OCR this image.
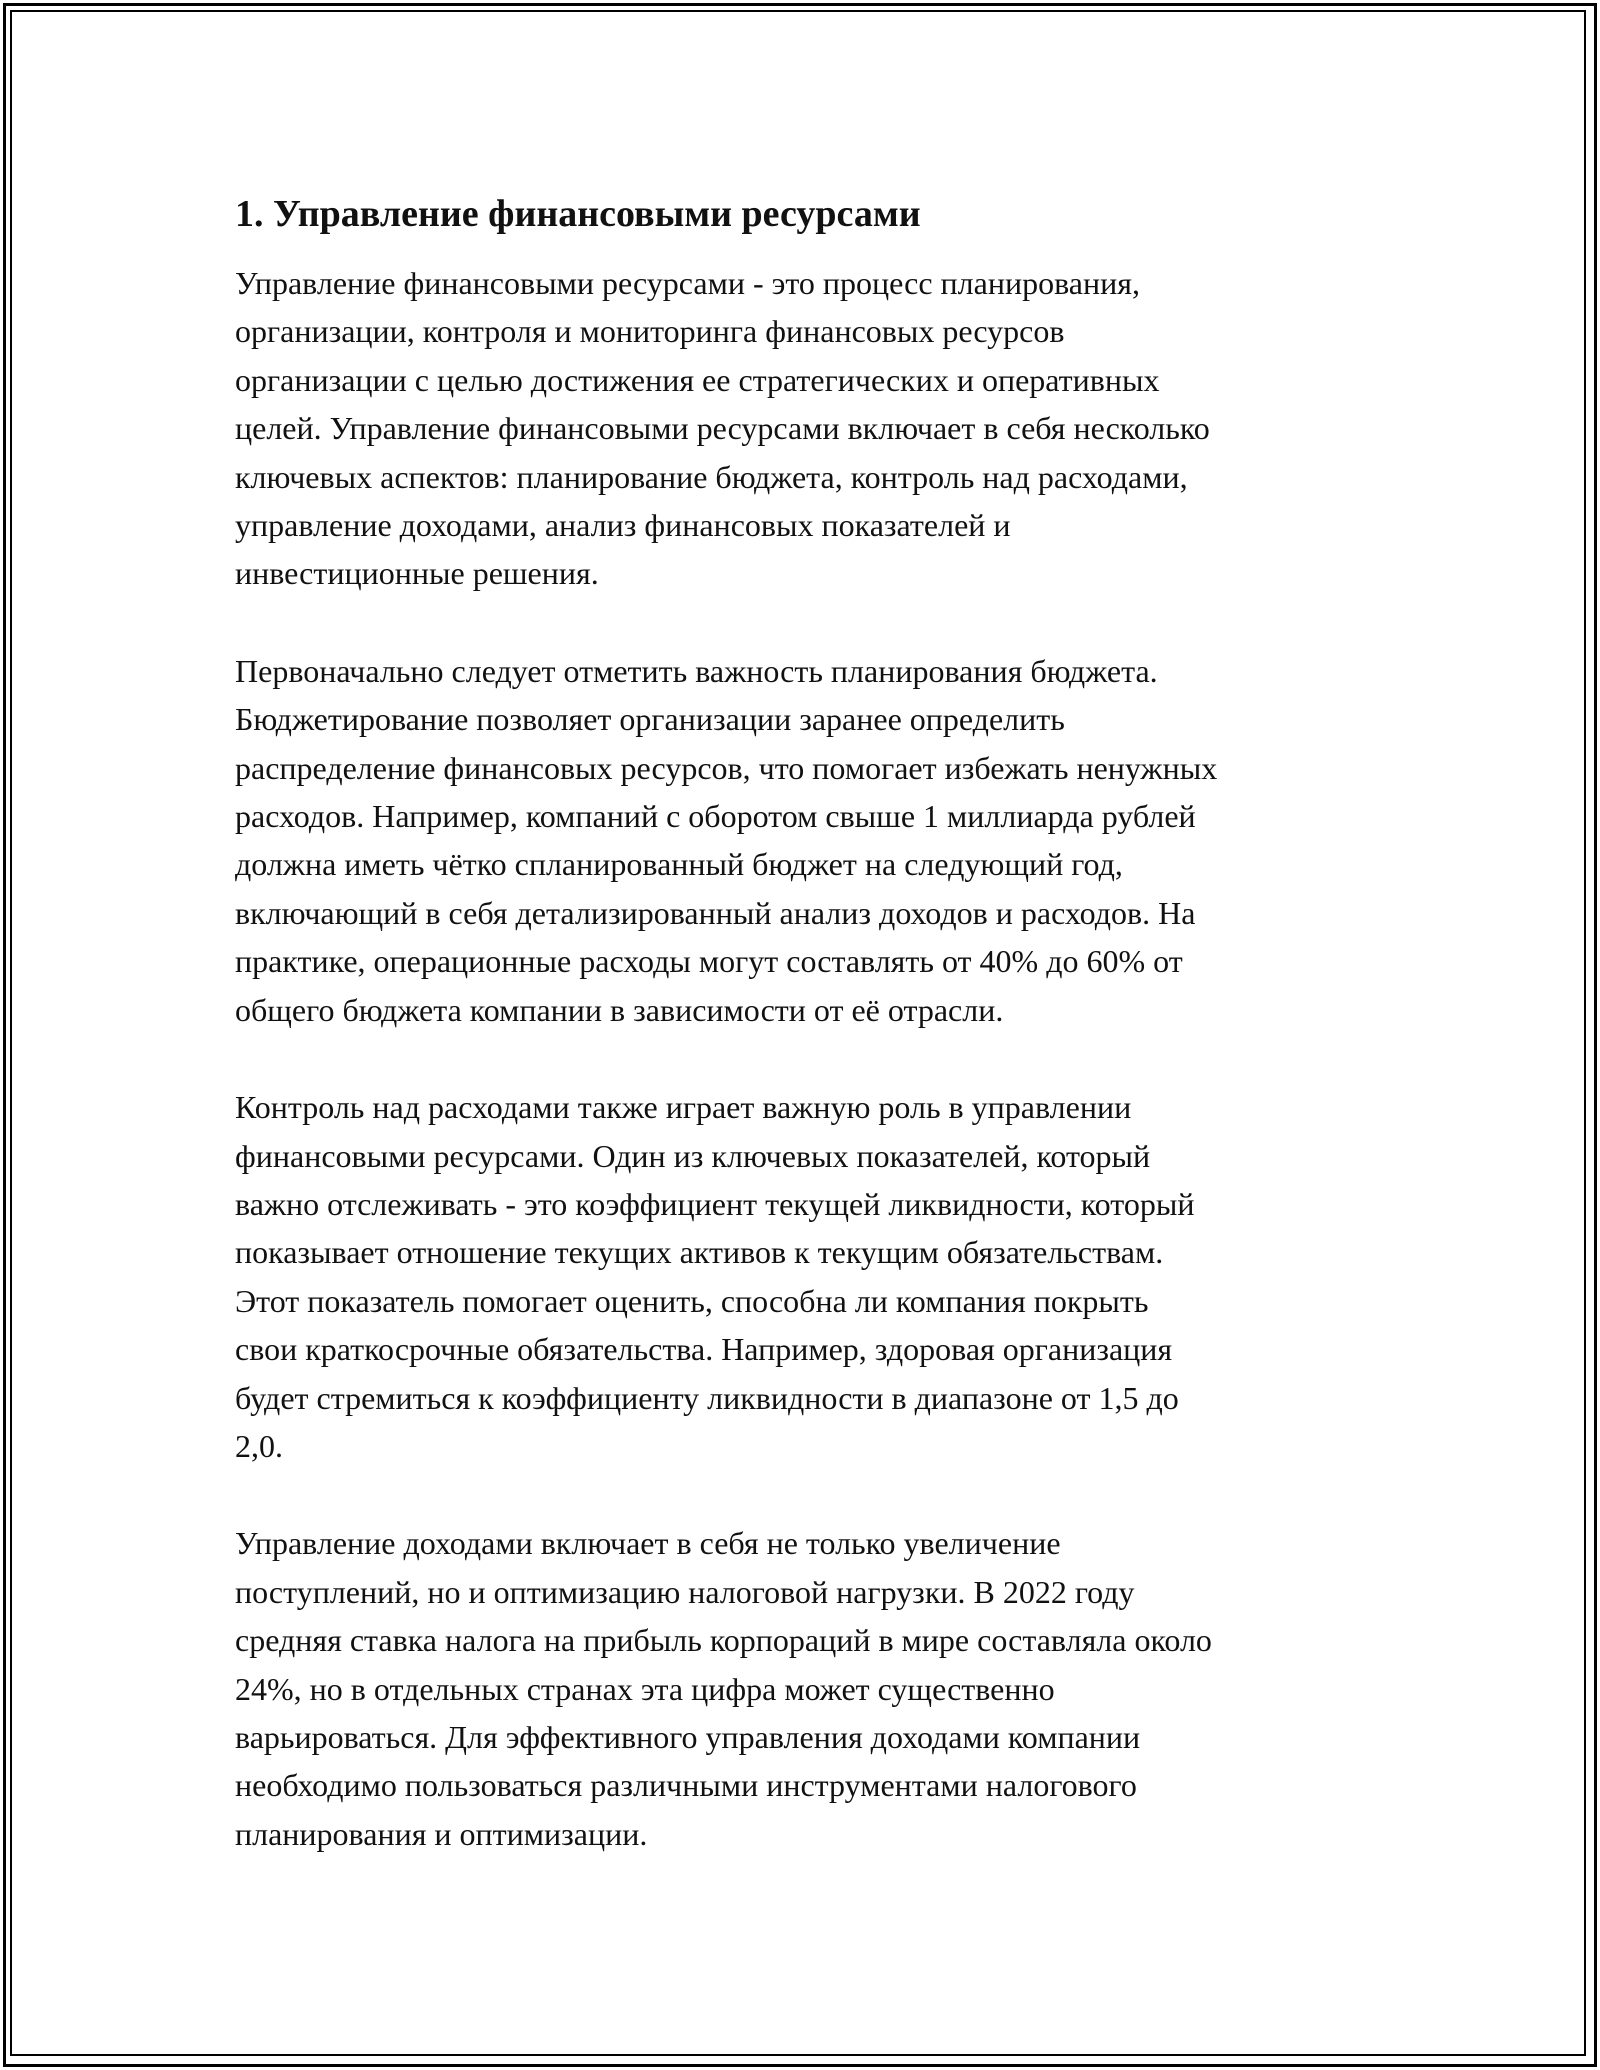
1. Управление финансовыми ресурсами
Управление финансовыми ресурсами - это процесс планирования,
организации, контроля и мониторинга финансовых ресурсов
организации с целью достижения ее стратегических и оперативных
целей. Управление финансовыми ресурсами включает в себя несколько
ключевых аспектов: планирование бюджета, контроль над расходами,
управление доходами, анализ финансовых показателей и
инвестиционные решения.
Первоначально следует отметить важность планирования бюджета.
Бюджетирование позволяет организации заранее определить
распределение финансовых ресурсов, что помогает избежать ненужных
расходов. Например, компаний с оборотом свыше 1 миллиарда рублей
должна иметь чётко спланированный бюджет на следующий год,
включающий в себя детализированный анализ доходов и расходов. На
практике, операционные расходы могут составлять от 40% до 60% от
общего бюджета компании в зависимости от её отрасли.
Контроль над расходами также играет важную роль в управлении
финансовыми ресурсами. Один из ключевых показателей, который
важно отслеживать - это коэффициент текущей ликвидности, который
показывает отношение текущих активов к текущим обязательствам.
Этот показатель помогает оценить, способна ли компания покрыть
свои краткосрочные обязательства. Например, здоровая организация
будет стремиться к коэффициенту ликвидности в диапазоне от 1,5 до
2,0.
Управление доходами включает в себя не только увеличение
поступлений, но и оптимизацию налоговой нагрузки. В 2022 году
средняя ставка налога на прибыль корпораций в мире составляла около
24%, но в отдельных странах эта цифра может существенно
варьироваться. Для эффективного управления доходами компании
необходимо пользоваться различными инструментами налогового
планирования и оптимизации.
